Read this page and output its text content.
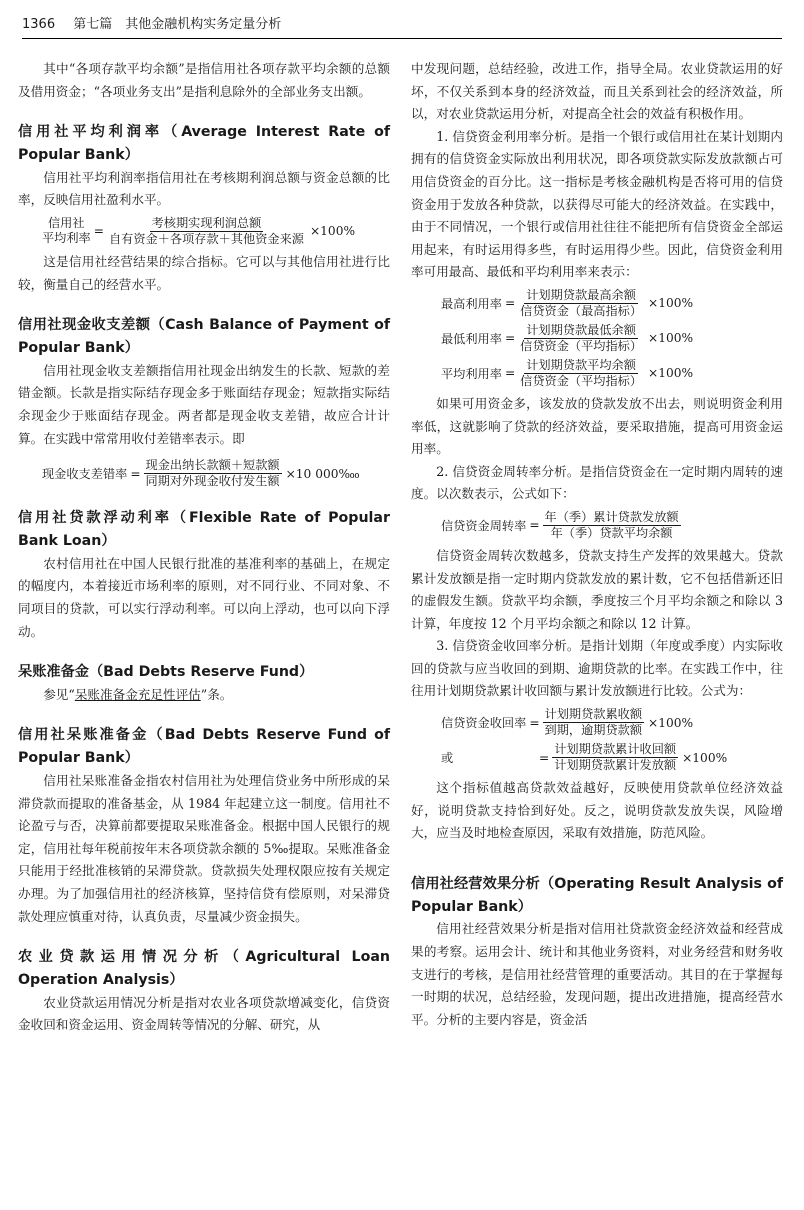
1366 第七篇　其他金融机构实务定量分析

其中“各项存款平均余额”是指信用社各项存款平均余额的总额及借用资金；“各项业务支出”是指利息除外的全部业务支出额。

信用社平均利润率（Average Interest Rate of Popular Bank）

信用社平均利润率指信用社在考核期利润总额与资金总额的比率，反映信用社盈利水平。

信用社
平均利率 = $\frac{\text{考核期实现利润总额}}{\text{自有资金＋各项存款＋其他资金来源}} \times 100\%$

这是信用社经营结果的综合指标。它可以与其他信用社进行比较，衡量自己的经营水平。

信用社现金收支差额（Cash Balance of Payment of Popular Bank）

信用社现金收支差额指信用社现金出纳发生的长款、短款的差错金额。长款是指实际结存现金多于账面结存现金；短款指实际结余现金少于账面结存现金。两者都是现金收支差错，故应合计计算。在实践中常常用收付差错率表示。即

现金收支差错率 = $\frac{\text{现金出纳长款额＋短款额}}{\text{同期对外现金收付发生额}} \times 10$ 000‱
信用社贷款浮动利率（Flexible Rate of Popular Bank Loan）

农村信用社在中国人民银行批准的基准利率的基础上，在规定的幅度内，本着接近市场利率的原则，对不同行业、不同对象、不同项目的贷款，可以实行浮动利率。可以向上浮动，也可以向下浮动。

呆账准备金（Bad Debts Reserve Fund）

参见“呆账准备金充足性评估”条。

信用社呆账准备金（Bad Debts Reserve Fund of Popular Bank）

信用社呆账准备金指农村信用社为处理信贷业务中所形成的呆滞贷款而提取的准备基金，从 1984 年起建立这一制度。信用社不论盈亏与否，决算前都要提取呆账准备金。根据中国人民银行的规定，信用社每年税前按年末各项贷款余额的 5‰提取。呆账准备金只能用于经批准核销的呆滞贷款。贷款损失处理权限应按有关规定办理。为了加强信用社的经济核算，坚持信贷有偿原则，对呆滞贷款处理应慎重对待，认真负责，尽量减少资金损失。

农业贷款运用情况分析（Agricultural Loan Operation Analysis）

农业贷款运用情况分析是指对农业各项贷款增减变化，信贷资金收回和资金运用、资金周转等情况的分解、研究，从

中发现问题，总结经验，改进工作，指导全局。农业贷款运用的好坏，不仅关系到本身的经济效益，而且关系到社会的经济效益，所以，对农业贷款运用分析，对提高全社会的效益有积极作用。

1. 信贷资金利用率分析。是指一个银行或信用社在某计划期内拥有的信贷资金实际放出利用状况，即各项贷款实际发放款额占可用信贷资金的百分比。这一指标是考核金融机构是否将可用的信贷资金用于发放各种贷款，以获得尽可能大的经济效益。在实践中，由于不同情况，一个银行或信用社往往不能把所有信贷资金全部运用起来，有时运用得多些，有时运用得少些。因此，信贷资金利用率可用最高、最低和平均利用率来表示：

最高利用率 = $\frac{\text{计划期贷款最高余额}}{\text{信贷资金（最高指标）}} \times 100\%$
最低利用率 = $\frac{\text{计划期贷款最低余额}}{\text{信贷资金（平均指标）}} \times 100\%$
平均利用率 = $\frac{\text{计划期贷款平均余额}}{\text{信贷资金（平均指标）}} \times 100\%$

如果可用资金多，该发放的贷款发放不出去，则说明资金利用率低，这就影响了贷款的经济效益，要采取措施，提高可用资金运用率。

2. 信贷资金周转率分析。是指信贷资金在一定时期内周转的速度。以次数表示，公式如下：

信贷资金周转率 = $\frac{\text{年（季）累计贷款发放额}}{\text{年（季）贷款平均余额}}$

信贷资金周转次数越多，贷款支持生产发挥的效果越大。贷款累计发放额是指一定时期内贷款发放的累计数，它不包括借新还旧的虚假发生额。贷款平均余额，季度按三个月平均余额之和除以 3 计算，年度按 12 个月平均余额之和除以 12 计算。

3. 信贷资金收回率分析。是指计划期（年度或季度）内实际收回的贷款与应当收回的到期、逾期贷款的比率。在实践工作中，往往用计划期贷款累计收回额与累计发放额进行比较。公式为：

信贷资金收回率 = $\frac{\text{计划期贷款累收额}}{\text{到期，逾期贷款额}} \times 100\%$
或	= $\frac{\text{计划期贷款累计收回额}}{\text{计划期贷款累计发放额}} \times 100\%$

这个指标值越高贷款效益越好，反映使用贷款单位经济效益好，说明贷款支持恰到好处。反之，说明贷款发放失误，风险增大，应当及时地检查原因，采取有效措施，防范风险。

信用社经营效果分析（Operating Result Analysis of Popular Bank）

信用社经营效果分析是指对信用社贷款资金经济效益和经营成果的考察。运用会计、统计和其他业务资料，对业务经营和财务收支进行的考核，是信用社经营管理的重要活动。其目的在于掌握每一时期的状况，总结经验，发现问题，提出改进措施，提高经营水平。分析的主要内容是，资金活
